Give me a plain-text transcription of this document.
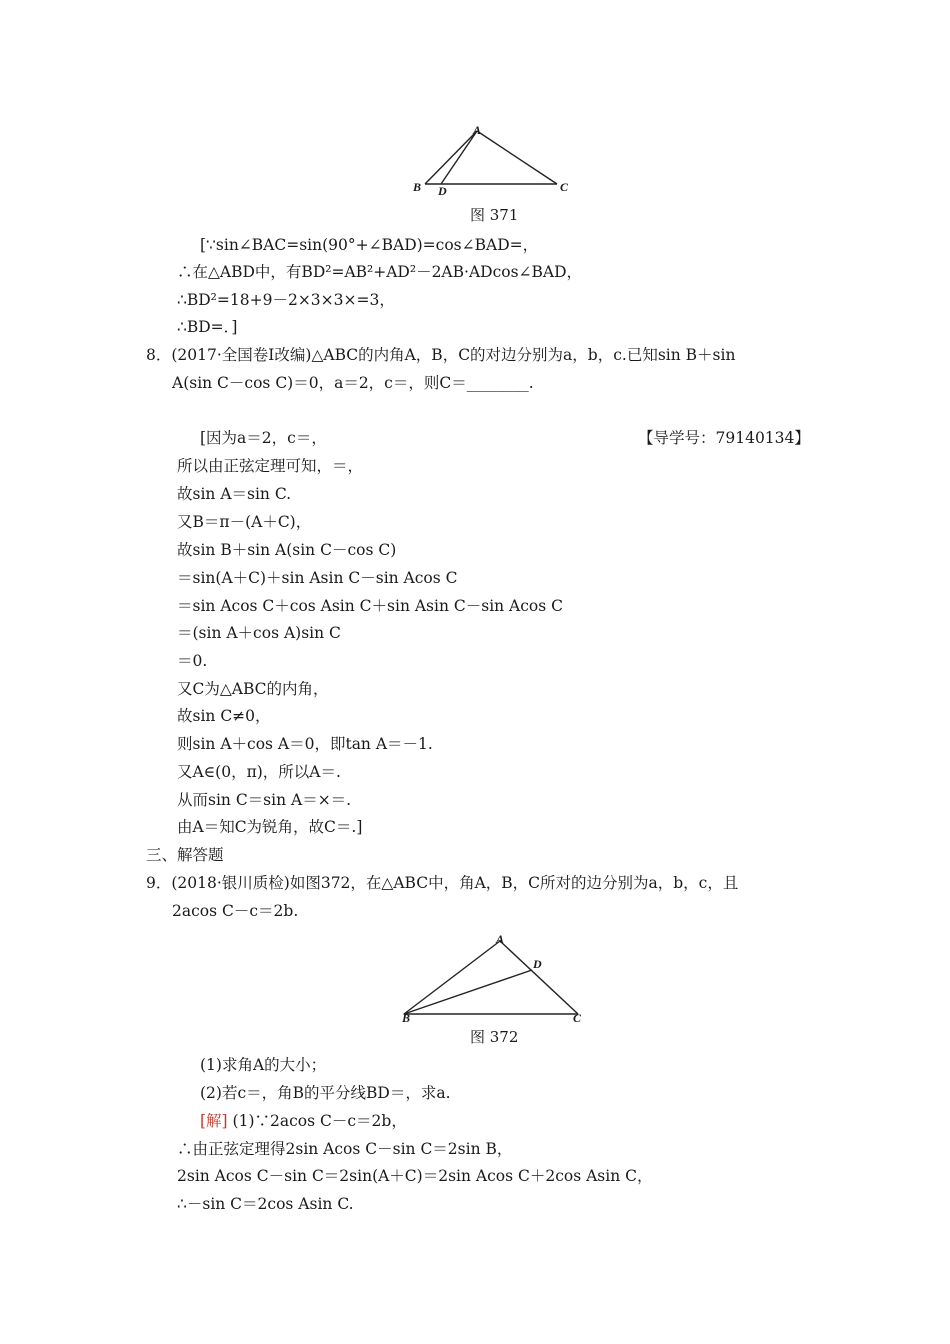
A
B D	C
图 371
[∵sin∠BAC=sin(90°+∠BAD)=cos∠BAD=，
∴在△ABD中，有BD²=AB²+AD²－2AB·ADcos∠BAD，
∴BD²=18+9－2×3×3×=3，
∴BD=．]
8．(2017·全国卷Ⅰ改编)△ABC的内角A，B，C的对边分别为a，b，c.已知sin B＋sin
A(sin C－cos C)＝0，a＝2，c＝，则C＝________.
【导学号：79140134】
[因为a＝2，c＝，
所以由正弦定理可知，＝，
故sin A＝sin C.
又B＝π－(A＋C)，
故sin B＋sin A(sin C－cos C)
＝sin(A＋C)＋sin Asin C－sin Acos C
＝sin Acos C＋cos Asin C＋sin Asin C－sin Acos C
＝(sin A＋cos A)sin C
＝0.
又C为△ABC的内角，
故sin C≠0，
则sin A＋cos A＝0，即tan A＝－1.
又A∈(0，π)，所以A＝.
从而sin C＝sin A＝×＝.
由A＝知C为锐角，故C＝.]
三、解答题
9．(2018·银川质检)如图372，在△ABC中，角A，B，C所对的边分别为a，b，c，且
2acos C－c＝2b.
A
D
B	C
图 372
(1)求角A的大小；
(2)若c＝，角B的平分线BD＝，求a.
[解] (1)∵2acos C－c＝2b，
∴由正弦定理得2sin Acos C－sin C＝2sin B，
2sin Acos C－sin C＝2sin(A＋C)＝2sin Acos C＋2cos Asin C，
∴－sin C＝2cos Asin C.
